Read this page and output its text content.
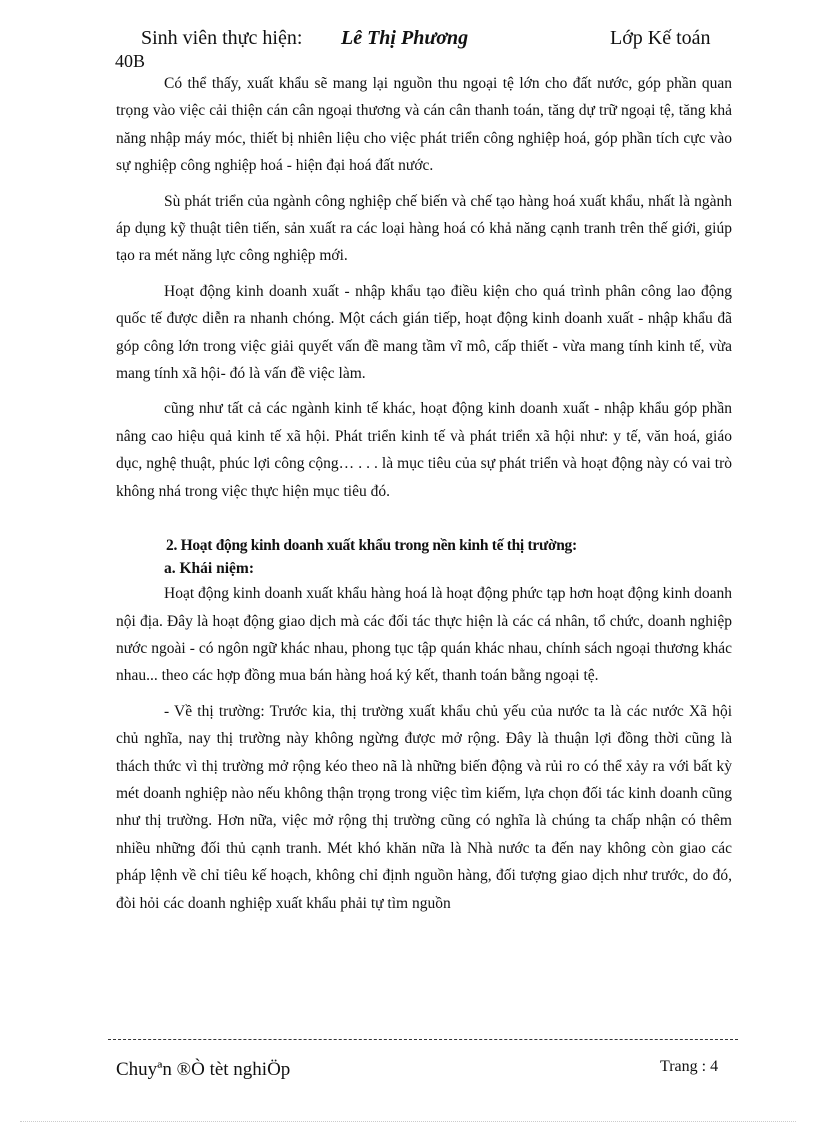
Sinh viên thực hiện: Lê Thị Phương	Lớp Kế toán
40B

Có thể thấy, xuất khẩu sẽ mang lại nguồn thu ngoại tệ lớn cho đất nước, góp phần quan trọng vào việc cải thiện cán cân ngoại thương và cán cân thanh toán, tăng dự trữ ngoại tệ, tăng khả năng nhập máy móc, thiết bị nhiên liệu cho việc phát triển công nghiệp hoá, góp phần tích cực vào sự nghiệp công nghiệp hoá - hiện đại hoá đất nước.

Sù phát triển của ngành công nghiệp chế biến và chế tạo hàng hoá xuất khẩu, nhất là ngành áp dụng kỹ thuật tiên tiến, sản xuất ra các loại hàng hoá có khả năng cạnh tranh trên thế giới, giúp tạo ra mét năng lực công nghiệp mới.

Hoạt động kinh doanh xuất - nhập khẩu tạo điều kiện cho quá trình phân công lao động quốc tế được diễn ra nhanh chóng. Một cách gián tiếp, hoạt động kinh doanh xuất - nhập khẩu đã góp công lớn trong việc giải quyết vấn đề mang tầm vĩ mô, cấp thiết - vừa mang tính kinh tế, vừa mang tính xã hội- đó là vấn đề việc làm.

cũng như tất cả các ngành kinh tế khác, hoạt động kinh doanh xuất - nhập khẩu góp phần nâng cao hiệu quả kinh tế xã hội. Phát triển kinh tế và phát triển xã hội như: y tế, văn hoá, giáo dục, nghệ thuật, phúc lợi công cộng… . . . là mục tiêu của sự phát triển và hoạt động này có vai trò không nhá trong việc thực hiện mục tiêu đó.

2. Hoạt động kinh doanh xuất khẩu trong nền kinh tế thị trường:
a. Khái niệm:

Hoạt động kinh doanh xuất khẩu hàng hoá là hoạt động phức tạp hơn hoạt động kinh doanh nội địa. Đây là hoạt động giao dịch mà các đối tác thực hiện là các cá nhân, tổ chức, doanh nghiệp nước ngoài - có ngôn ngữ khác nhau, phong tục tập quán khác nhau, chính sách ngoại thương khác nhau... theo các hợp đồng mua bán hàng hoá ký kết, thanh toán bằng ngoại tệ.

- Về thị trường: Trước kia, thị trường xuất khẩu chủ yếu của nước ta là các nước Xã hội chủ nghĩa, nay thị trường này không ngừng được mở rộng. Đây là thuận lợi đồng thời cũng là thách thức vì thị trường mở rộng kéo theo nã là những biến động và rủi ro có thể xảy ra với bất kỳ mét doanh nghiệp nào nếu không thận trọng trong việc tìm kiếm, lựa chọn đối tác kinh doanh cũng như thị trường. Hơn nữa, việc mở rộng thị trường cũng có nghĩa là chúng ta chấp nhận có thêm nhiều những đối thủ cạnh tranh. Mét khó khăn nữa là Nhà nước ta đến nay không còn giao các pháp lệnh về chỉ tiêu kế hoạch, không chỉ định nguồn hàng, đối tượng giao dịch như trước, do đó, đòi hỏi các doanh nghiệp xuất khẩu phải tự tìm nguồn

Chuyªn ®Ò tèt nghiÖp	Trang : 4
